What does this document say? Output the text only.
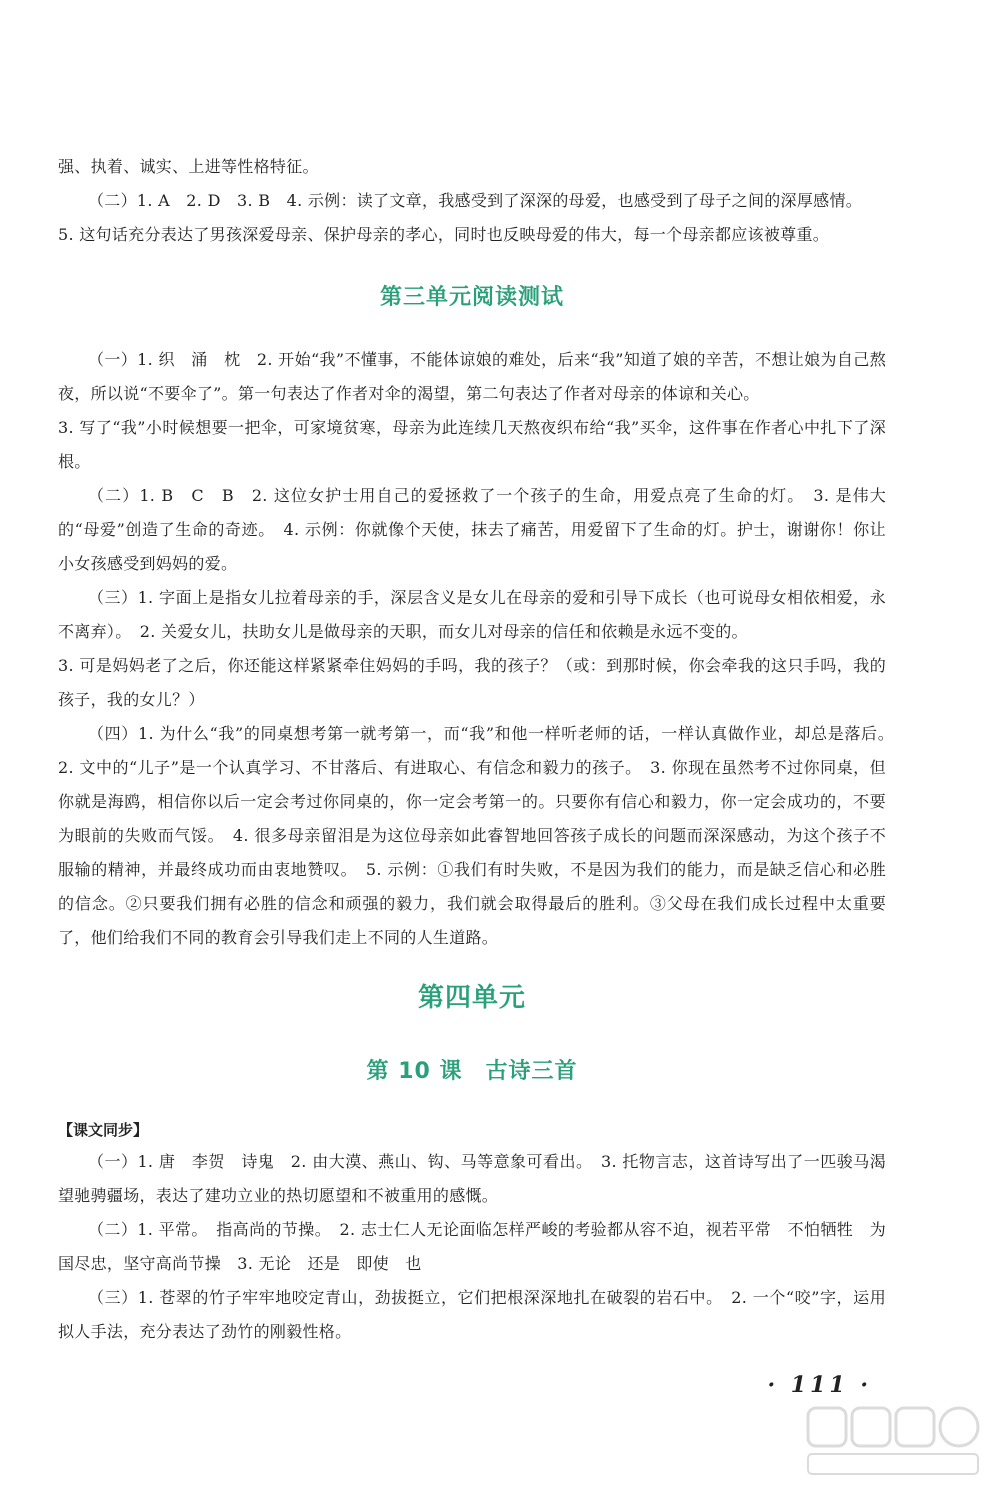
强、执着、诚实、上进等性格特征。

（二）1. A　2. D　3. B　4. 示例：读了文章，我感受到了深深的母爱，也感受到了母子之间的深厚感情。

5. 这句话充分表达了男孩深爱母亲、保护母亲的孝心，同时也反映母爱的伟大，每一个母亲都应该被尊重。

第三单元阅读测试

（一）1. 织　涌　枕　2. 开始“我”不懂事，不能体谅娘的难处，后来“我”知道了娘的辛苦，不想让娘为自己熬夜，所以说“不要伞了”。第一句表达了作者对伞的渴望，第二句表达了作者对母亲的体谅和关心。

3. 写了“我”小时候想要一把伞，可家境贫寒，母亲为此连续几天熬夜织布给“我”买伞，这件事在作者心中扎下了深根。

（二）1. B　C　B　2. 这位女护士用自己的爱拯救了一个孩子的生命，用爱点亮了生命的灯。　3. 是伟大的“母爱”创造了生命的奇迹。　4. 示例：你就像个天使，抹去了痛苦，用爱留下了生命的灯。护士，谢谢你！你让小女孩感受到妈妈的爱。

（三）1. 字面上是指女儿拉着母亲的手，深层含义是女儿在母亲的爱和引导下成长（也可说母女相依相爱，永不离弃）。　2. 关爱女儿，扶助女儿是做母亲的天职，而女儿对母亲的信任和依赖是永远不变的。

3. 可是妈妈老了之后，你还能这样紧紧牵住妈妈的手吗，我的孩子？（或：到那时候，你会牵我的这只手吗，我的孩子，我的女儿？）

（四）1. 为什么“我”的同桌想考第一就考第一，而“我”和他一样听老师的话，一样认真做作业，却总是落后。　2. 文中的“儿子”是一个认真学习、不甘落后、有进取心、有信念和毅力的孩子。　3. 你现在虽然考不过你同桌，但你就是海鸥，相信你以后一定会考过你同桌的，你一定会考第一的。只要你有信心和毅力，你一定会成功的，不要为眼前的失败而气馁。　4. 很多母亲留泪是为这位母亲如此睿智地回答孩子成长的问题而深深感动，为这个孩子不服输的精神，并最终成功而由衷地赞叹。　5. 示例：①我们有时失败，不是因为我们的能力，而是缺乏信心和必胜的信念。②只要我们拥有必胜的信念和顽强的毅力，我们就会取得最后的胜利。③父母在我们成长过程中太重要了，他们给我们不同的教育会引导我们走上不同的人生道路。

第四单元
第 10 课　古诗三首

【课文同步】

（一）1. 唐　李贺　诗鬼　2. 由大漠、燕山、钩、马等意象可看出。　3. 托物言志，这首诗写出了一匹骏马渴望驰骋疆场，表达了建功立业的热切愿望和不被重用的感慨。

（二）1. 平常。　指高尚的节操。　2. 志士仁人无论面临怎样严峻的考验都从容不迫，视若平常　不怕牺牲　为国尽忠，坚守高尚节操　3. 无论　还是　即使　也

（三）1. 苍翠的竹子牢牢地咬定青山，劲拔挺立，它们把根深深地扎在破裂的岩石中。　2. 一个“咬”字，运用拟人手法，充分表达了劲竹的刚毅性格。

· 111 ·
